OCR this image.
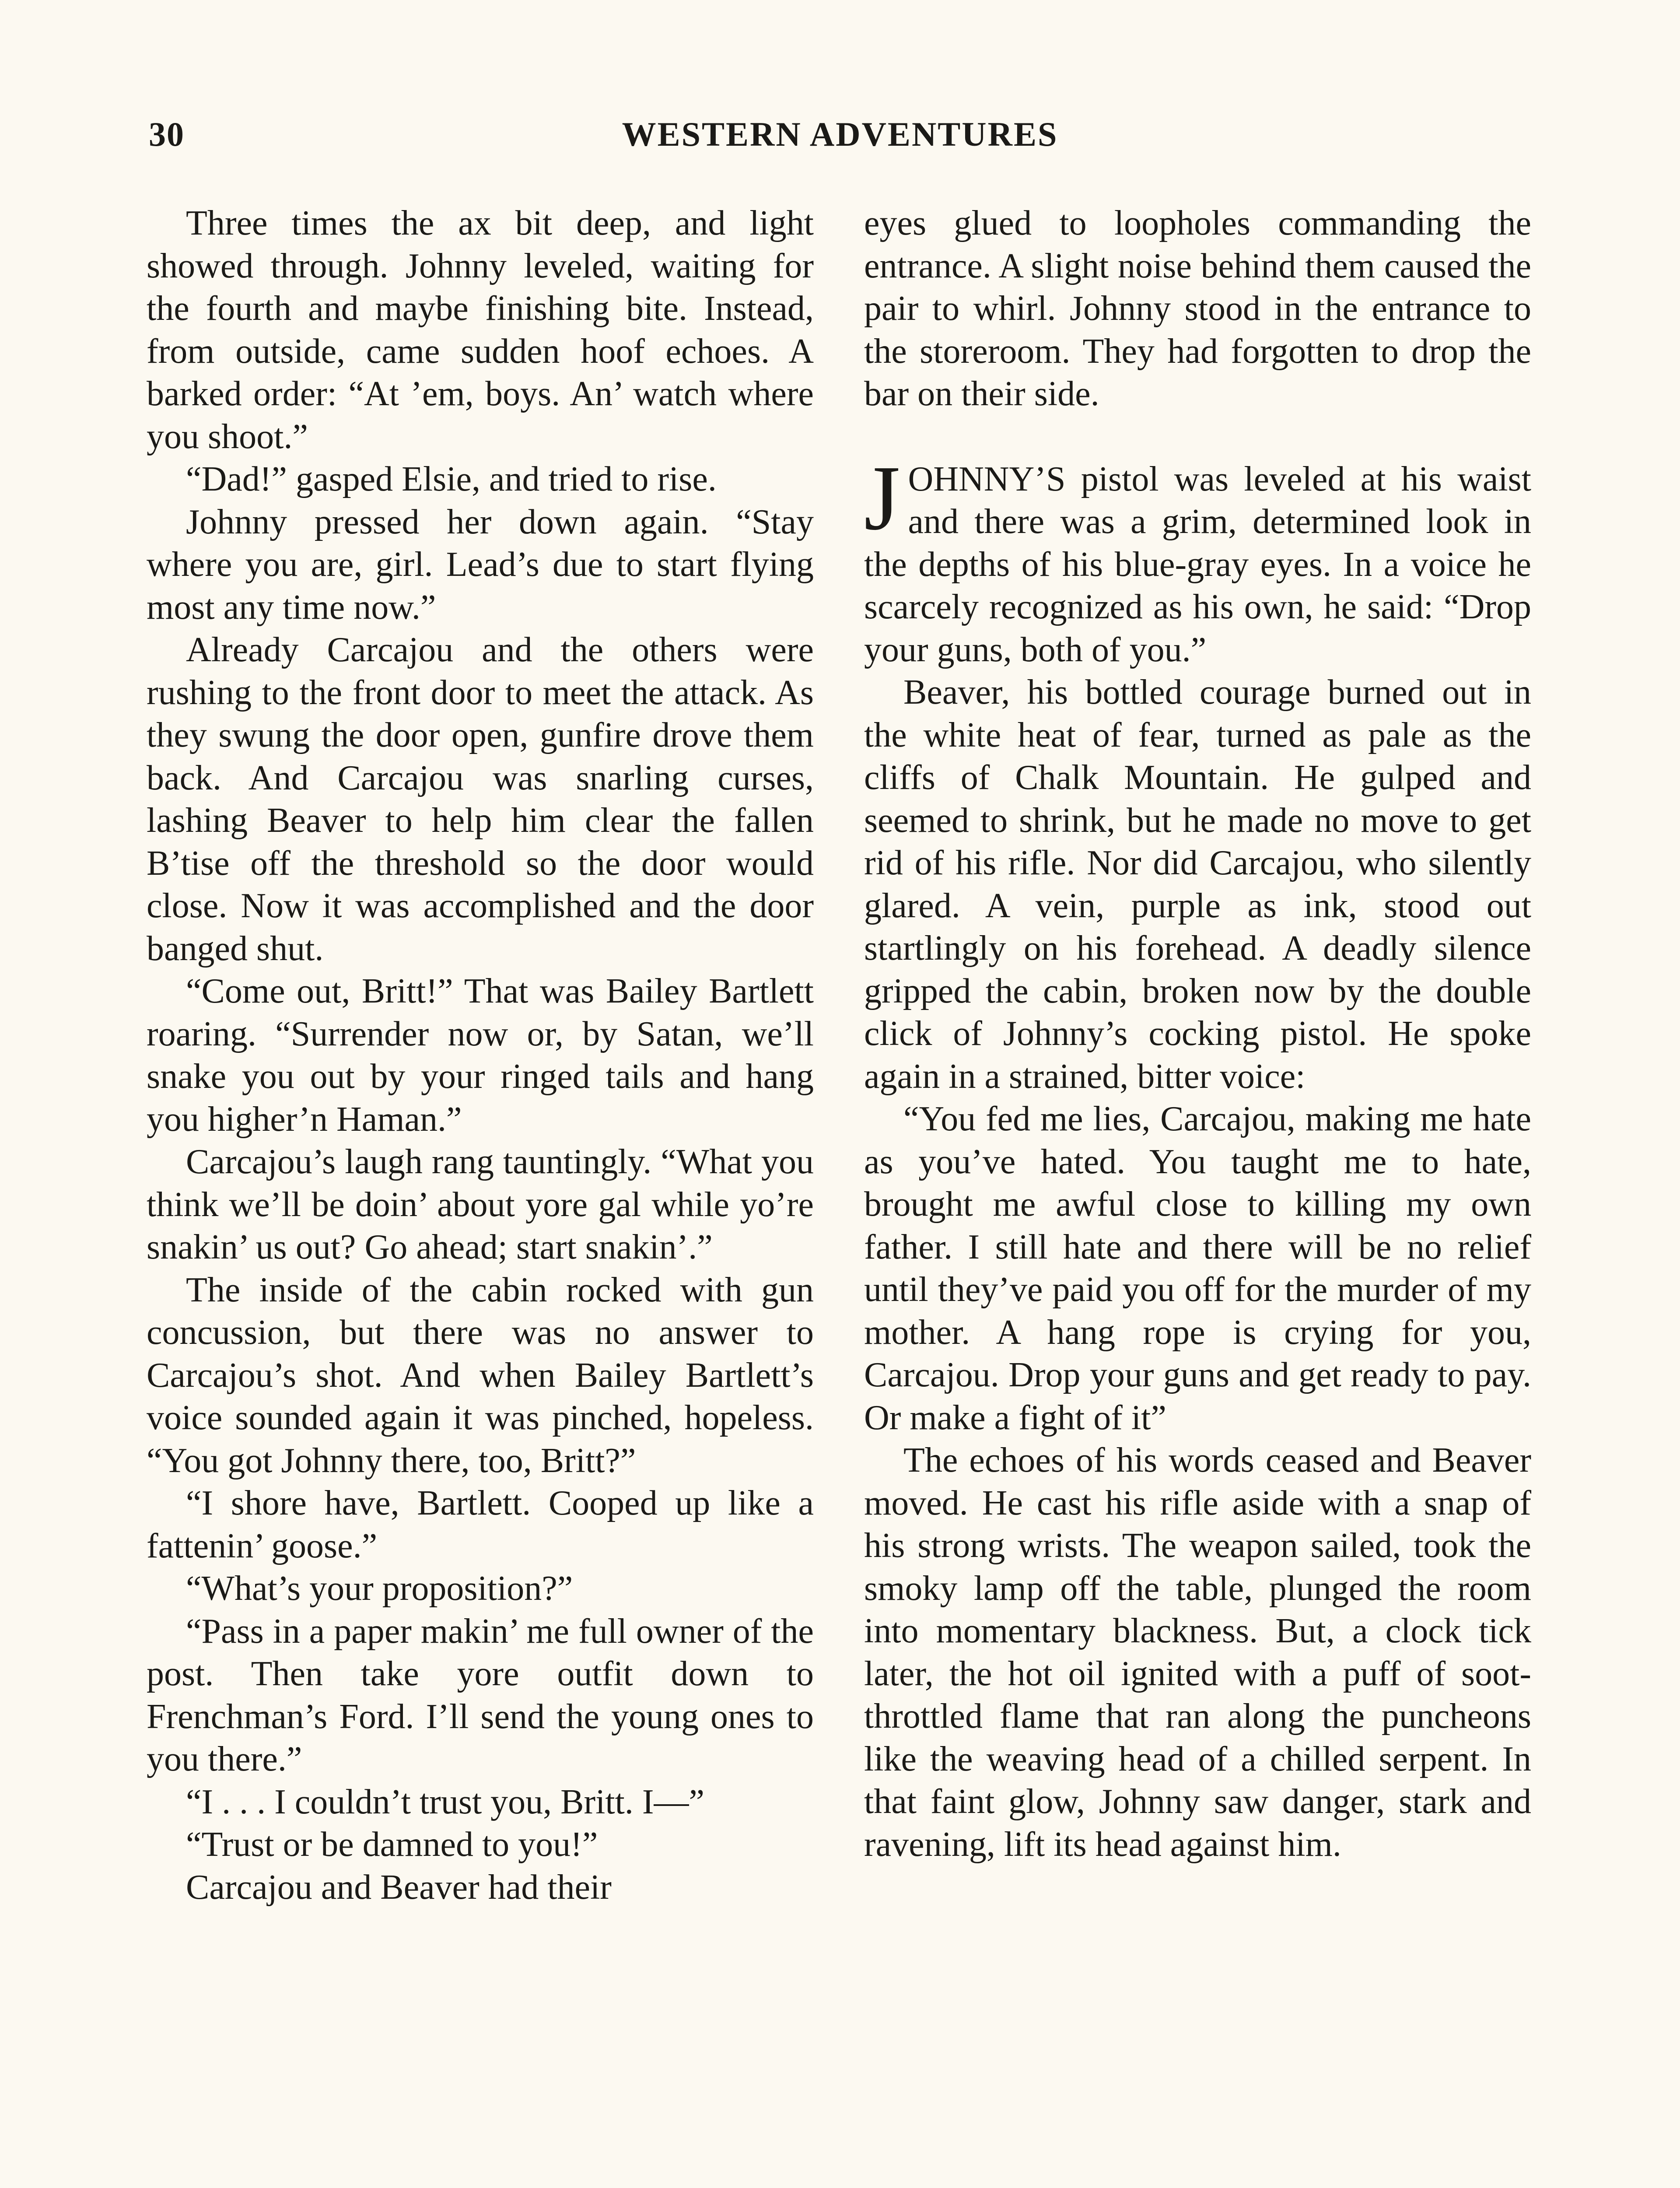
30	WESTERN ADVENTURES

Three times the ax bit deep, and light showed through. Johnny leveled, waiting for the fourth and maybe finishing bite. Instead, from outside, came sudden hoof echoes. A barked order: “At ’em, boys. An’ watch where you shoot.”

“Dad!” gasped Elsie, and tried to rise.

Johnny pressed her down again. “Stay where you are, girl. Lead’s due to start flying most any time now.”

Already Carcajou and the others were rushing to the front door to meet the attack. As they swung the door open, gunfire drove them back. And Carcajou was snarling curses, lashing Beaver to help him clear the fallen B’tise off the threshold so the door would close. Now it was accomplished and the door banged shut.

“Come out, Britt!” That was Bailey Bartlett roaring. “Surrender now or, by Satan, we’ll snake you out by your ringed tails and hang you higher’n Haman.”

Carcajou’s laugh rang tauntingly. “What you think we’ll be doin’ about yore gal while yo’re snakin’ us out? Go ahead; start snakin’.”

The inside of the cabin rocked with gun concussion, but there was no answer to Carcajou’s shot. And when Bailey Bartlett’s voice sounded again it was pinched, hopeless. “You got Johnny there, too, Britt?”

“I shore have, Bartlett. Cooped up like a fattenin’ goose.”

“What’s your proposition?”

“Pass in a paper makin’ me full owner of the post. Then take yore outfit down to Frenchman’s Ford. I’ll send the young ones to you there.”

“I . . . I couldn’t trust you, Britt. I—”

“Trust or be damned to you!”

Carcajou and Beaver had their

eyes glued to loopholes commanding the entrance. A slight noise behind them caused the pair to whirl. Johnny stood in the entrance to the storeroom. They had forgotten to drop the bar on their side.

JOHNNY’S pistol was leveled at his waist and there was a grim, determined look in the depths of his blue-gray eyes. In a voice he scarcely recognized as his own, he said: “Drop your guns, both of you.”

Beaver, his bottled courage burned out in the white heat of fear, turned as pale as the cliffs of Chalk Mountain. He gulped and seemed to shrink, but he made no move to get rid of his rifle. Nor did Carcajou, who silently glared. A vein, purple as ink, stood out startlingly on his forehead. A deadly silence gripped the cabin, broken now by the double click of Johnny’s cocking pistol. He spoke again in a strained, bitter voice:

“You fed me lies, Carcajou, making me hate as you’ve hated. You taught me to hate, brought me awful close to killing my own father. I still hate and there will be no relief until they’ve paid you off for the murder of my mother. A hang rope is crying for you, Carcajou. Drop your guns and get ready to pay. Or make a fight of it”

The echoes of his words ceased and Beaver moved. He cast his rifle aside with a snap of his strong wrists. The weapon sailed, took the smoky lamp off the table, plunged the room into momentary blackness. But, a clock tick later, the hot oil ignited with a puff of soot-throttled flame that ran along the puncheons like the weaving head of a chilled serpent. In that faint glow, Johnny saw danger, stark and ravening, lift its head against him.
